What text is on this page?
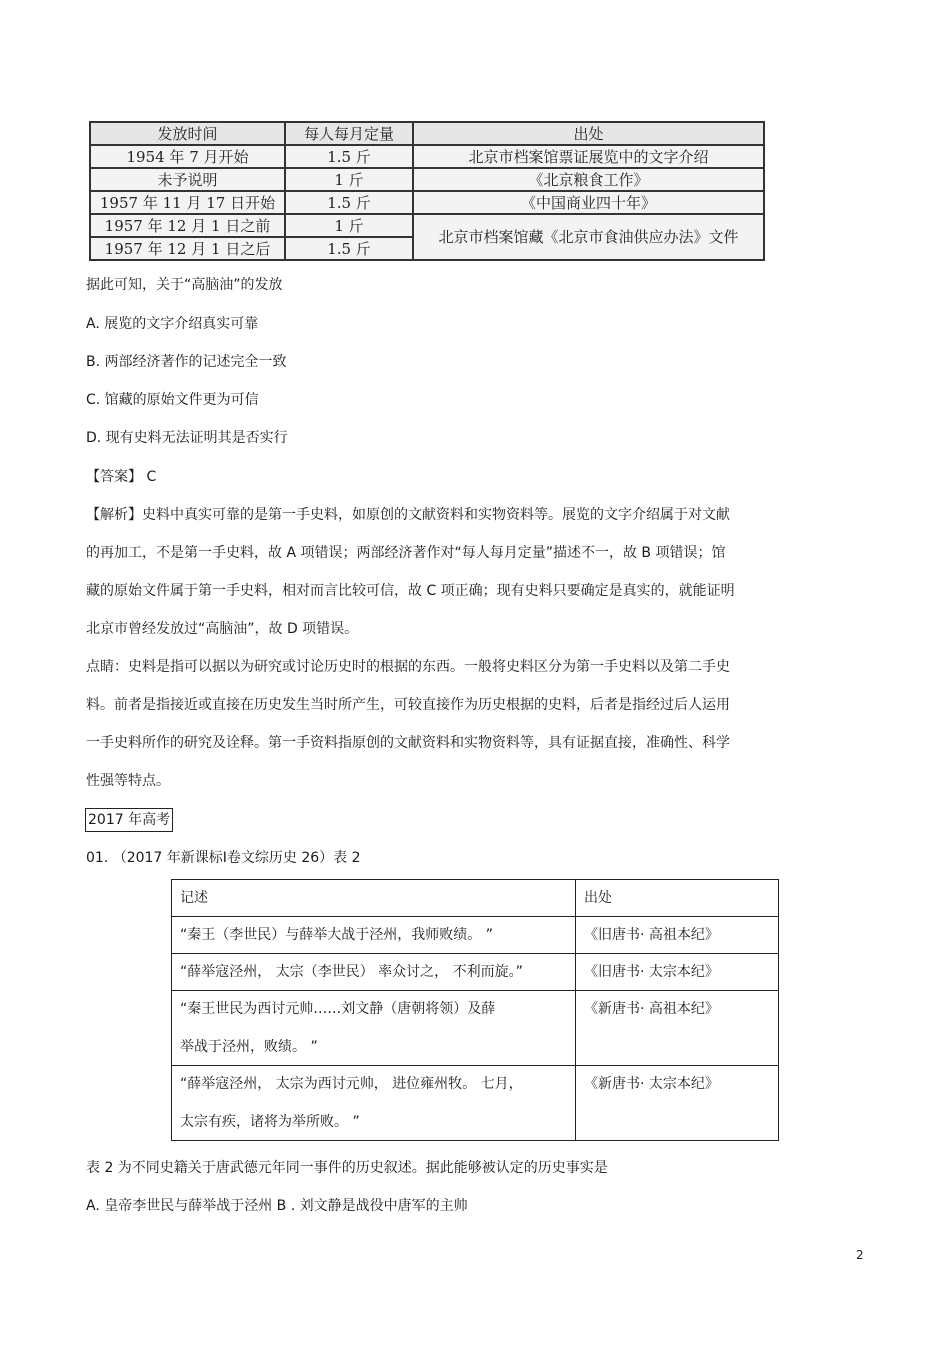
发放时间	每人每月定量	出处
1954 年 7 月开始	1.5 斤	北京市档案馆票证展览中的文字介绍
未予说明	1 斤	《北京粮食工作》
1957 年 11 月 17 日开始	1.5 斤	《中国商业四十年》
1957 年 12 月 1 日之前	1 斤	北京市档案馆藏《北京市食油供应办法》文件
1957 年 12 月 1 日之后	1.5 斤	
据此可知，关于“高脑油”的发放
A. 展览的文字介绍真实可靠
B. 两部经济著作的记述完全一致
C. 馆藏的原始文件更为可信
D. 现有史料无法证明其是否实行
【答案】 C
【解析】史料中真实可靠的是第一手史料，如原创的文献资料和实物资料等。展览的文字介绍属于对文献
的再加工，不是第一手史料，故 A 项错误；两部经济著作对“每人每月定量”描述不一，故 B 项错误；馆
藏的原始文件属于第一手史料，相对而言比较可信，故 C 项正确；现有史料只要确定是真实的，就能证明
北京市曾经发放过“高脑油”，故 D 项错误。
点睛：史料是指可以据以为研究或讨论历史时的根据的东西。一般将史料区分为第一手史料以及第二手史
料。前者是指接近或直接在历史发生当时所产生，可较直接作为历史根据的史料，后者是指经过后人运用
一手史料所作的研究及诠释。第一手资料指原创的文献资料和实物资料等，具有证据直接，准确性、科学
性强等特点。
2017 年高考
01. （2017 年新课标Ⅰ卷文综历史 26）表 2
记述	出处

“秦王（李世民）与薛举大战于泾州，我师败绩。 ”	《旧唐书· 高祖本纪》

“薛举寇泾州， 太宗（李世民） 率众讨之， 不利而旋。”	《旧唐书· 太宗本纪》

“秦王世民为西讨元帅……刘文静（唐朝将领）及薛
举战于泾州，败绩。 ”	《新唐书· 高祖本纪》

“薛举寇泾州， 太宗为西讨元帅， 进位雍州牧。 七月，
太宗有疾，诸将为举所败。 ”	《新唐书· 太宗本纪》
表 2 为不同史籍关于唐武德元年同一事件的历史叙述。据此能够被认定的历史事实是
A. 皇帝李世民与薛举战于泾州 B . 刘文静是战役中唐军的主帅
2
